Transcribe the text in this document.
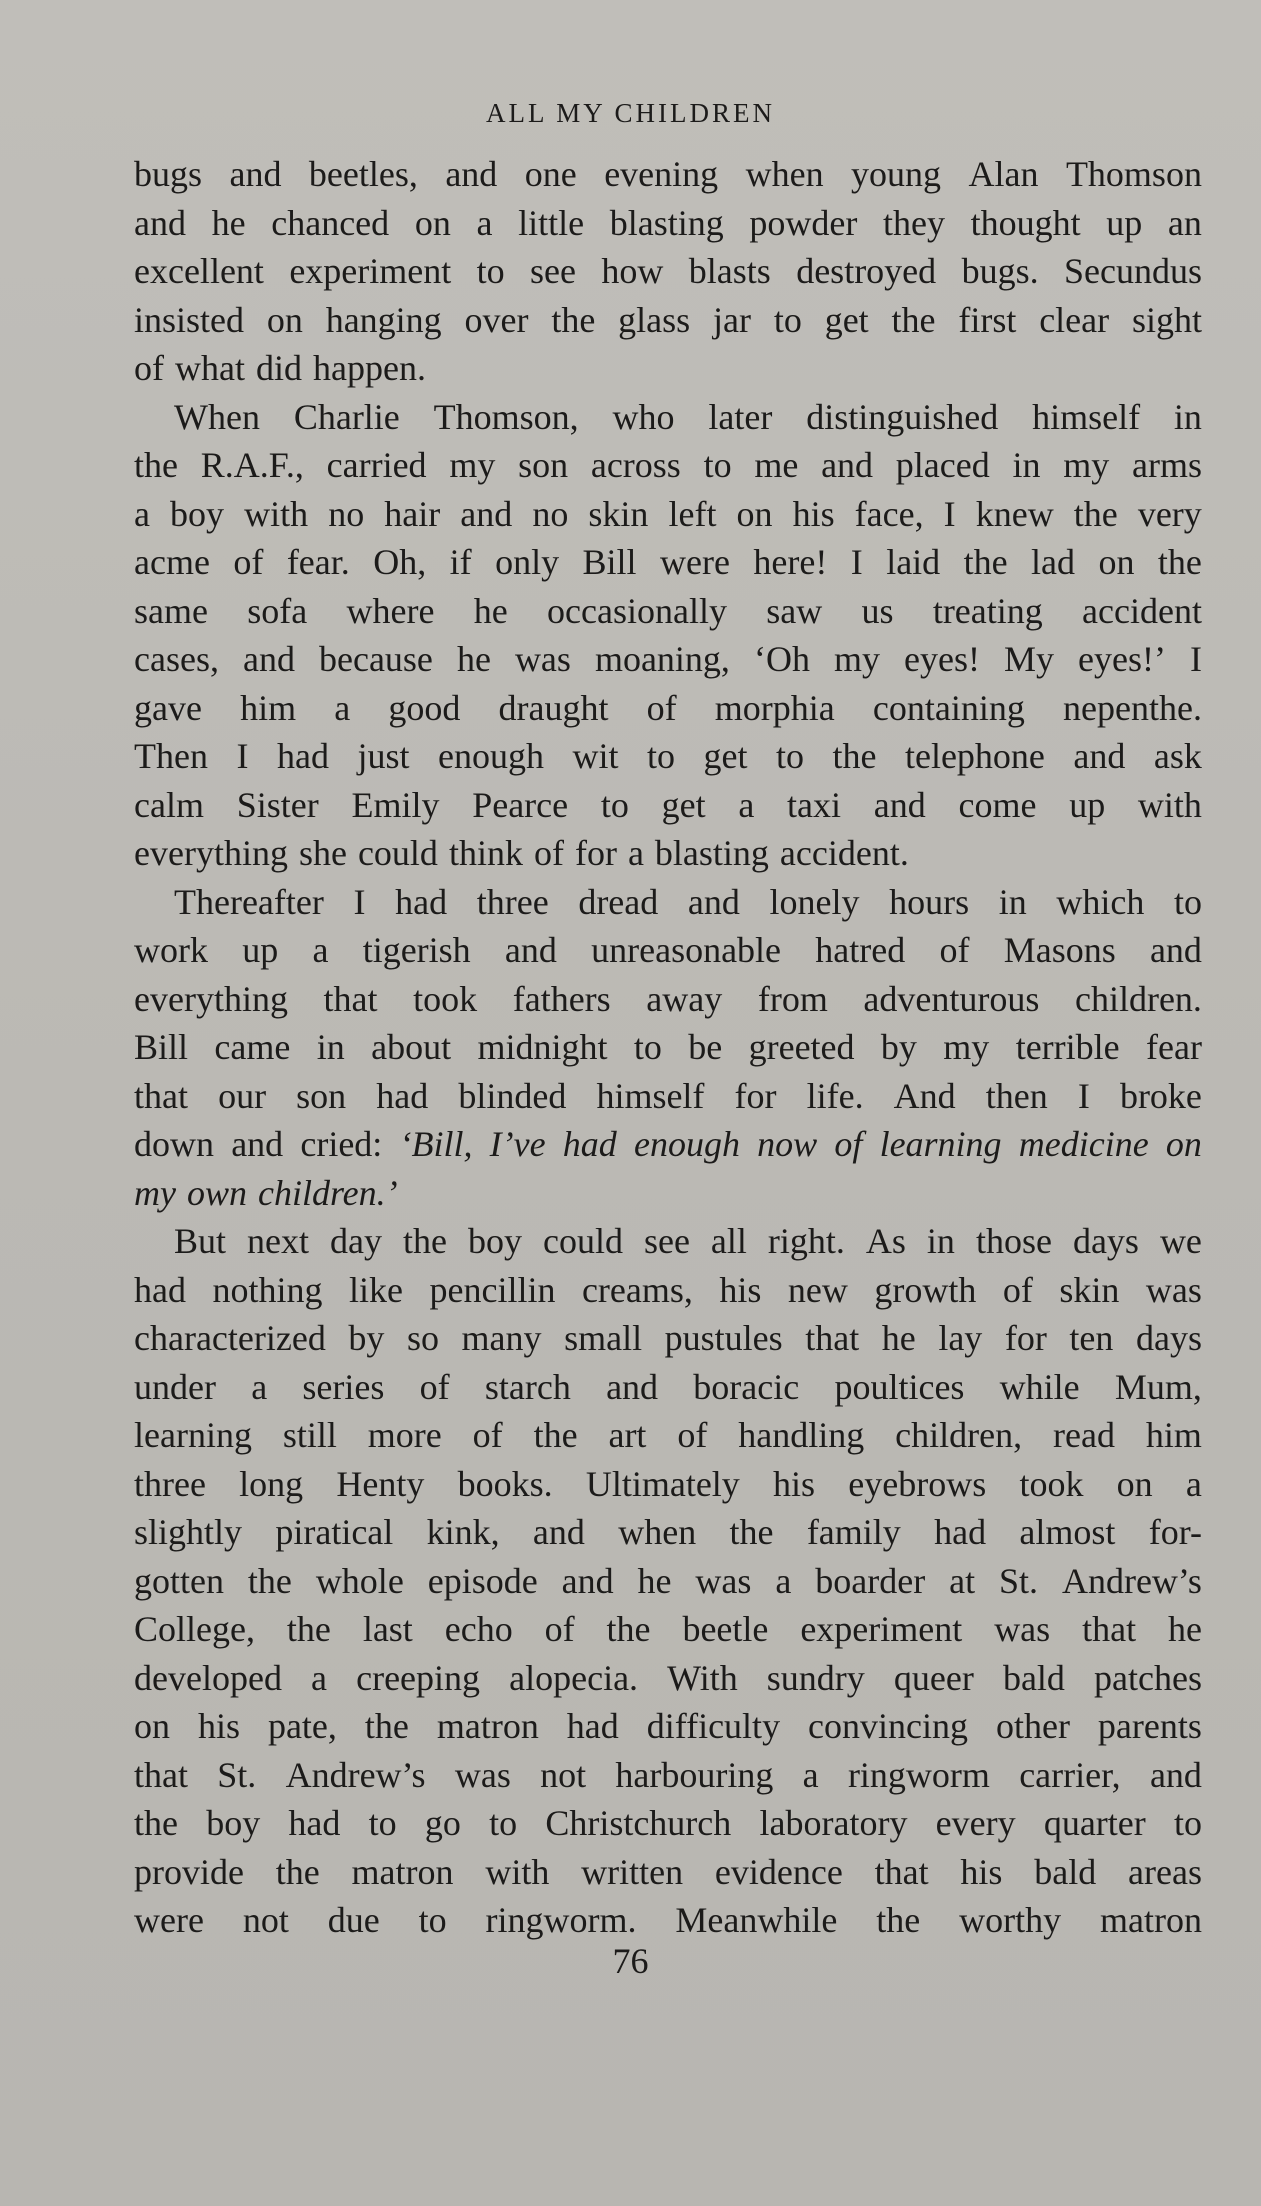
ALL MY CHILDREN
bugs and beetles, and one evening when young Alan Thomson
and he chanced on a little blasting powder they thought up an
excellent experiment to see how blasts destroyed bugs. Secundus
insisted on hanging over the glass jar to get the first clear sight
of what did happen.
When Charlie Thomson, who later distinguished himself in
the R.A.F., carried my son across to me and placed in my arms
a boy with no hair and no skin left on his face, I knew the very
acme of fear. Oh, if only Bill were here! I laid the lad on the
same sofa where he occasionally saw us treating accident
cases, and because he was moaning, ‘Oh my eyes! My eyes!’ I
gave him a good draught of morphia containing nepenthe.
Then I had just enough wit to get to the telephone and ask
calm Sister Emily Pearce to get a taxi and come up with
everything she could think of for a blasting accident.
Thereafter I had three dread and lonely hours in which to
work up a tigerish and unreasonable hatred of Masons and
everything that took fathers away from adventurous children.
Bill came in about midnight to be greeted by my terrible fear
that our son had blinded himself for life. And then I broke
down and cried: ‘Bill, I’ve had enough now of learning medicine on
my own children.’
But next day the boy could see all right. As in those days we
had nothing like pencillin creams, his new growth of skin was
characterized by so many small pustules that he lay for ten days
under a series of starch and boracic poultices while Mum,
learning still more of the art of handling children, read him
three long Henty books. Ultimately his eyebrows took on a
slightly piratical kink, and when the family had almost for-
gotten the whole episode and he was a boarder at St. Andrew’s
College, the last echo of the beetle experiment was that he
developed a creeping alopecia. With sundry queer bald patches
on his pate, the matron had difficulty convincing other parents
that St. Andrew’s was not harbouring a ringworm carrier, and
the boy had to go to Christchurch laboratory every quarter to
provide the matron with written evidence that his bald areas
were not due to ringworm. Meanwhile the worthy matron
76
